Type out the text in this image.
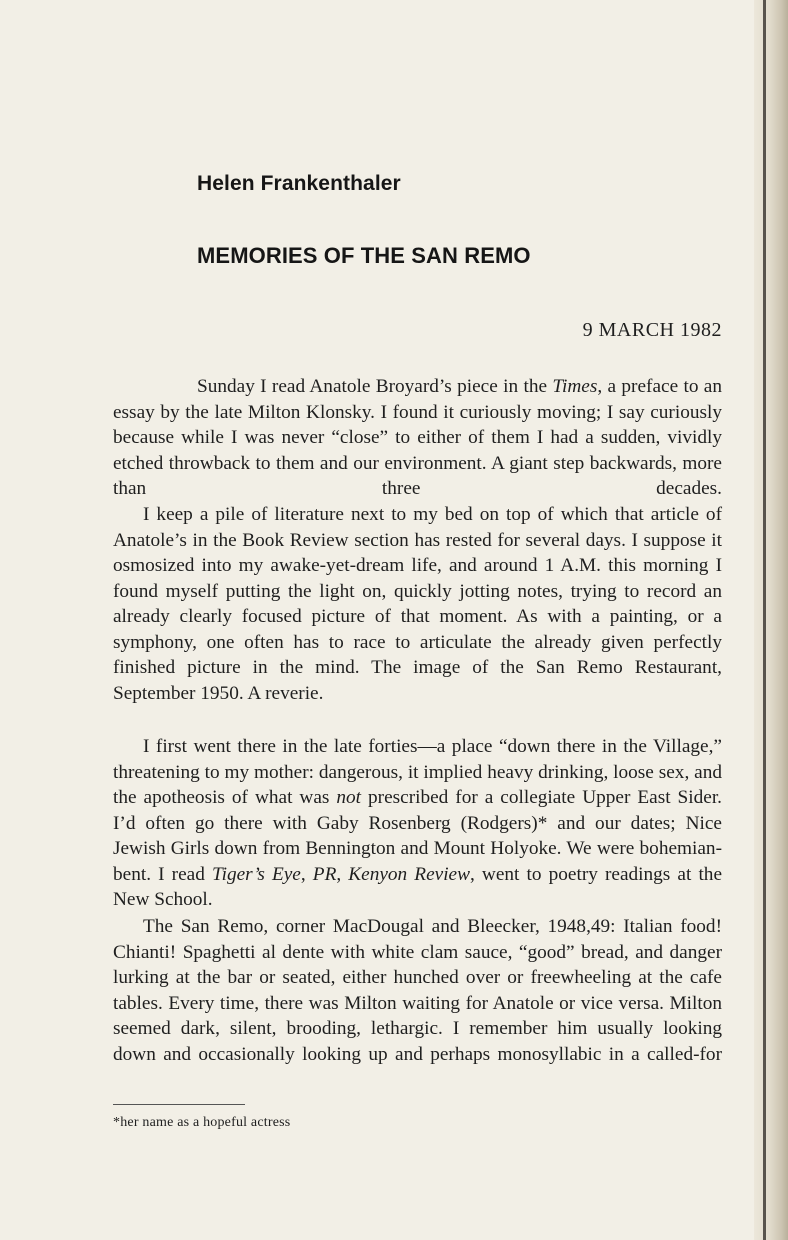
Helen Frankenthaler
MEMORIES OF THE SAN REMO
9 MARCH 1982

Sunday I read Anatole Broyard’s piece in the Times, a preface to an essay by the late Milton Klonsky. I found it curiously moving; I say curiously because while I was never “close” to either of them I had a sudden, vividly etched throwback to them and our environment. A giant step backwards, more than three decades.

I keep a pile of literature next to my bed on top of which that article of Anatole’s in the Book Review section has rested for several days. I suppose it osmosized into my awake-yet-dream life, and around 1 A.M. this morning I found myself putting the light on, quickly jotting notes, trying to record an already clearly focused picture of that moment. As with a painting, or a symphony, one often has to race to articulate the already given perfectly finished picture in the mind. The image of the San Remo Restaurant, September 1950. A reverie.

I first went there in the late forties—a place “down there in the Village,” threatening to my mother: dangerous, it implied heavy drinking, loose sex, and the apotheosis of what was not prescribed for a collegiate Upper East Sider. I’d often go there with Gaby Rosenberg (Rodgers)* and our dates; Nice Jewish Girls down from Bennington and Mount Holyoke. We were bohemian-bent. I read Tiger’s Eye, PR, Kenyon Review, went to poetry readings at the New School.

The San Remo, corner MacDougal and Bleecker, 1948,49: Italian food! Chianti! Spaghetti al dente with white clam sauce, “good” bread, and danger lurking at the bar or seated, either hunched over or freewheeling at the cafe tables. Every time, there was Milton waiting for Anatole or vice versa. Milton seemed dark, silent, brooding, lethargic. I remember him usually looking down and occasionally looking up and perhaps monosyllabic in a called-for

*her name as a hopeful actress
